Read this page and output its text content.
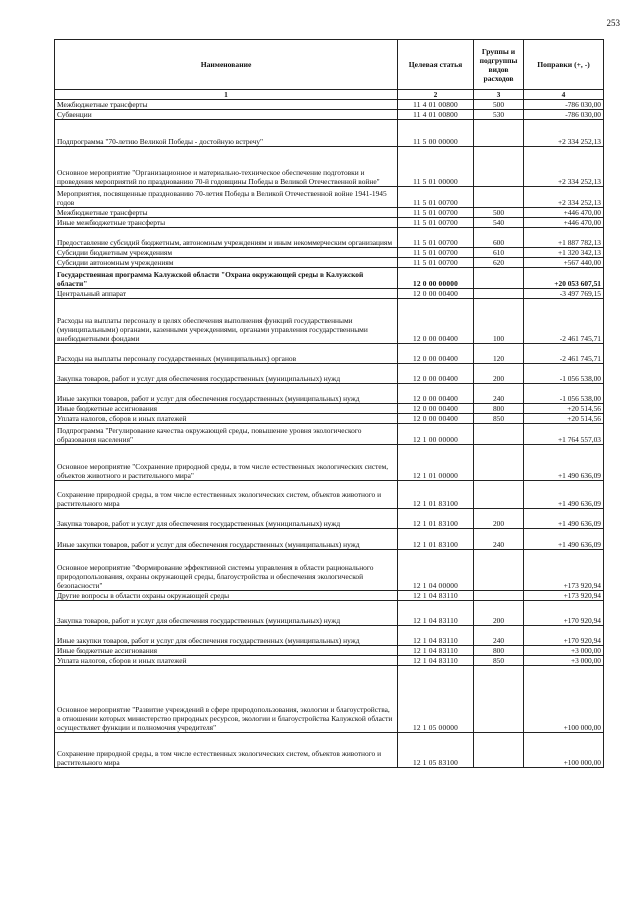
253
Наименование	Целевая статья	Группы и подгруппы видов расходов	Поправки (+, -)
1	2	3	4
Межбюджетные трансферты	11 4 01 00800	500	-786 030,00
Субвенции	11 4 01 00800	530	-786 030,00
Подпрограмма "70-летию Великой Победы - достойную встречу"	11 5 00 00000		+2 334 252,13
Основное мероприятие "Организационное и материально-техническое обеспечение подготовки и проведения мероприятий по празднованию 70-й годовщины Победы в Великой Отечественной войне"	11 5 01 00000		+2 334 252,13
Мероприятия, посвященные празднованию 70-летия Победы в Великой Отечественной войне 1941-1945 годов	11 5 01 00700		+2 334 252,13
Межбюджетные трансферты	11 5 01 00700	500	+446 470,00
Иные межбюджетные трансферты	11 5 01 00700	540	+446 470,00
Предоставление субсидий бюджетным, автономным учреждениям и иным некоммерческим организациям	11 5 01 00700	600	+1 887 782,13
Субсидии бюджетным учреждениям	11 5 01 00700	610	+1 320 342,13
Субсидии автономным учреждениям	11 5 01 00700	620	+567 440,00
Государственная программа Калужской области "Охрана окружающей среды в Калужской области"	12 0 00 00000		+20 053 607,51
Центральный аппарат	12 0 00 00400		-3 497 769,15
Расходы на выплаты персоналу в целях обеспечения выполнения функций государственными (муниципальными) органами, казенными учреждениями, органами управления государственными внебюджетными фондами	12 0 00 00400	100	-2 461 745,71
Расходы на выплаты персоналу государственных (муниципальных) органов	12 0 00 00400	120	-2 461 745,71
Закупка товаров, работ и услуг для обеспечения государственных (муниципальных) нужд	12 0 00 00400	200	-1 056 538,00
Иные закупки товаров, работ и услуг для обеспечения государственных (муниципальных) нужд	12 0 00 00400	240	-1 056 538,00
Иные бюджетные ассигнования	12 0 00 00400	800	+20 514,56
Уплата налогов, сборов и иных платежей	12 0 00 00400	850	+20 514,56
Подпрограмма "Регулирование качества окружающей среды, повышение уровня экологического образования населения"	12 1 00 00000		+1 764 557,03
Основное мероприятие "Сохранение природной среды, в том числе естественных экологических систем, объектов животного и растительного мира"	12 1 01 00000		+1 490 636,09
Сохранение природной среды, в том числе естественных экологических систем, объектов животного и растительного мира	12 1 01 83100		+1 490 636,09
Закупка товаров, работ и услуг для обеспечения государственных (муниципальных) нужд	12 1 01 83100	200	+1 490 636,09
Иные закупки товаров, работ и услуг для обеспечения государственных (муниципальных) нужд	12 1 01 83100	240	+1 490 636,09
Основное мероприятие "Формирование эффективной системы управления в области рационального природопользования, охраны окружающей среды, благоустройства и обеспечения экологической безопасности"	12 1 04 00000		+173 920,94
Другие вопросы в области охраны окружающей среды	12 1 04 83110		+173 920,94
Закупка товаров, работ и услуг для обеспечения государственных (муниципальных) нужд	12 1 04 83110	200	+170 920,94
Иные закупки товаров, работ и услуг для обеспечения государственных (муниципальных) нужд	12 1 04 83110	240	+170 920,94
Иные бюджетные ассигнования	12 1 04 83110	800	+3 000,00
Уплата налогов, сборов и иных платежей	12 1 04 83110	850	+3 000,00
Основное мероприятие "Развитие учреждений в сфере природопользования, экологии и благоустройства, в отношении которых министерство природных ресурсов, экологии и благоустройства Калужской области осуществляет функции и полномочия учредителя"	12 1 05 00000		+100 000,00
Сохранение природной среды, в том числе естественных экологических систем, объектов животного и растительного мира	12 1 05 83100		+100 000,00
